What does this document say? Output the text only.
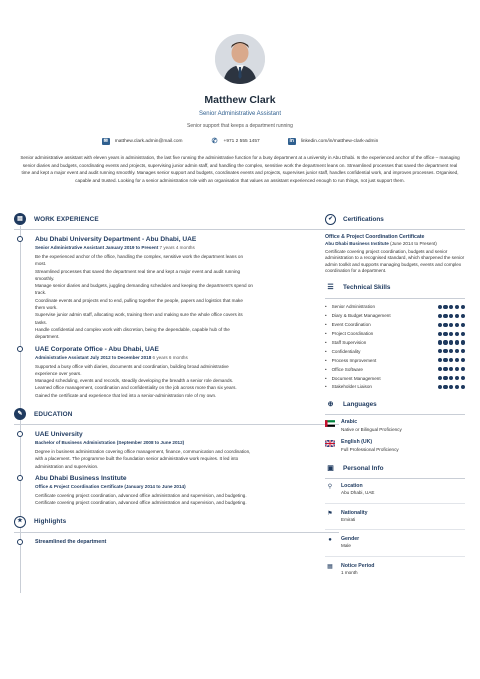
Matthew Clark
Senior Administrative Assistant
Senior support that keeps a department running
✉	matthew.clark.admin@mail.com	✆ +971 2 555 1457	in	linkedin.com/in/matthew-clark-admin
Senior administrative assistant with eleven years in administration, the last five running the administrative function for a busy department at a university in Abu Dhabi. Is the experienced anchor of the office – managing senior diaries and budgets, coordinating events and projects, supervising junior admin staff, and handling the complex, sensitive work the department leans on. Streamlined processes that saved the department real time and kept a major event and audit running smoothly. Manages senior support and budgets, coordinates events and projects, supervises junior staff, handles confidential work, and improves processes. Organised, capable and trusted. Looking for a senior administration role with an organisation that values an assistant experienced enough to run things, not just support them.
▤	WORK EXPERIENCE
Abu Dhabi University Department - Abu Dhabi, UAE
Senior Administrative Assistant January 2019 to Present 7 years 4 months
Be the experienced anchor of the office, handling the complex, sensitive work the department leans on
most.
Streamlined processes that saved the department real time and kept a major event and audit running
smoothly.
Manage senior diaries and budgets, juggling demanding schedules and keeping the department's spend on
track.
Coordinate events and projects end to end, pulling together the people, papers and logistics that make
them work.
Supervise junior admin staff, allocating work, training them and making sure the whole office covers its
tasks.
Handle confidential and complex work with discretion, being the dependable, capable hub of the
department.
UAE Corporate Office - Abu Dhabi, UAE
Administrative Assistant July 2012 to December 2018 6 years 6 months
Supported a busy office with diaries, documents and coordination, building broad administrative
experience over years.
Managed scheduling, events and records, steadily developing the breadth a senior role demands.
Learned office management, coordination and confidentiality on the job across more than six years.
Gained the certificate and experience that led into a senior-administration role of my own.
✎	EDUCATION
UAE University
Bachelor of Business Administration (September 2008 to June 2012)
Degree in business administration covering office management, finance, communication and coordination,
with a placement. The programme built the foundation senior administrative work requires. It led into
administration and supervision.
Abu Dhabi Business Institute
Office & Project Coordination Certificate (January 2014 to June 2014)
Certificate covering project coordination, advanced office administration and supervision, and budgeting.
Certificate covering project coordination, advanced office administration and supervision, and budgeting.
★	Highlights
Streamlined the department
✔	Certifications
Office & Project Coordination Certificate
Abu Dhabi Business Institute (June 2014 to Present)
Certificate covering project coordination, budgets and senior administration to a recognised standard, which sharpened the senior admin toolkit and supports managing budgets, events and complex coordination for a department.
☰	Technical Skills
• Senior Administration
• Diary & Budget Management
• Event Coordination
• Project Coordination
• Staff Supervision
• Confidentiality
• Process Improvement
• Office Software
• Document Management
• Stakeholder Liaison
⊕	Languages
Arabic
Native or Bilingual Proficiency
English (UK)
Full Professional Proficiency
▣	Personal Info
⚲	Location
Abu Dhabi, UAE
⚑	Nationality
Emirati
●	Gender
Male
▦	Notice Period
1 month
